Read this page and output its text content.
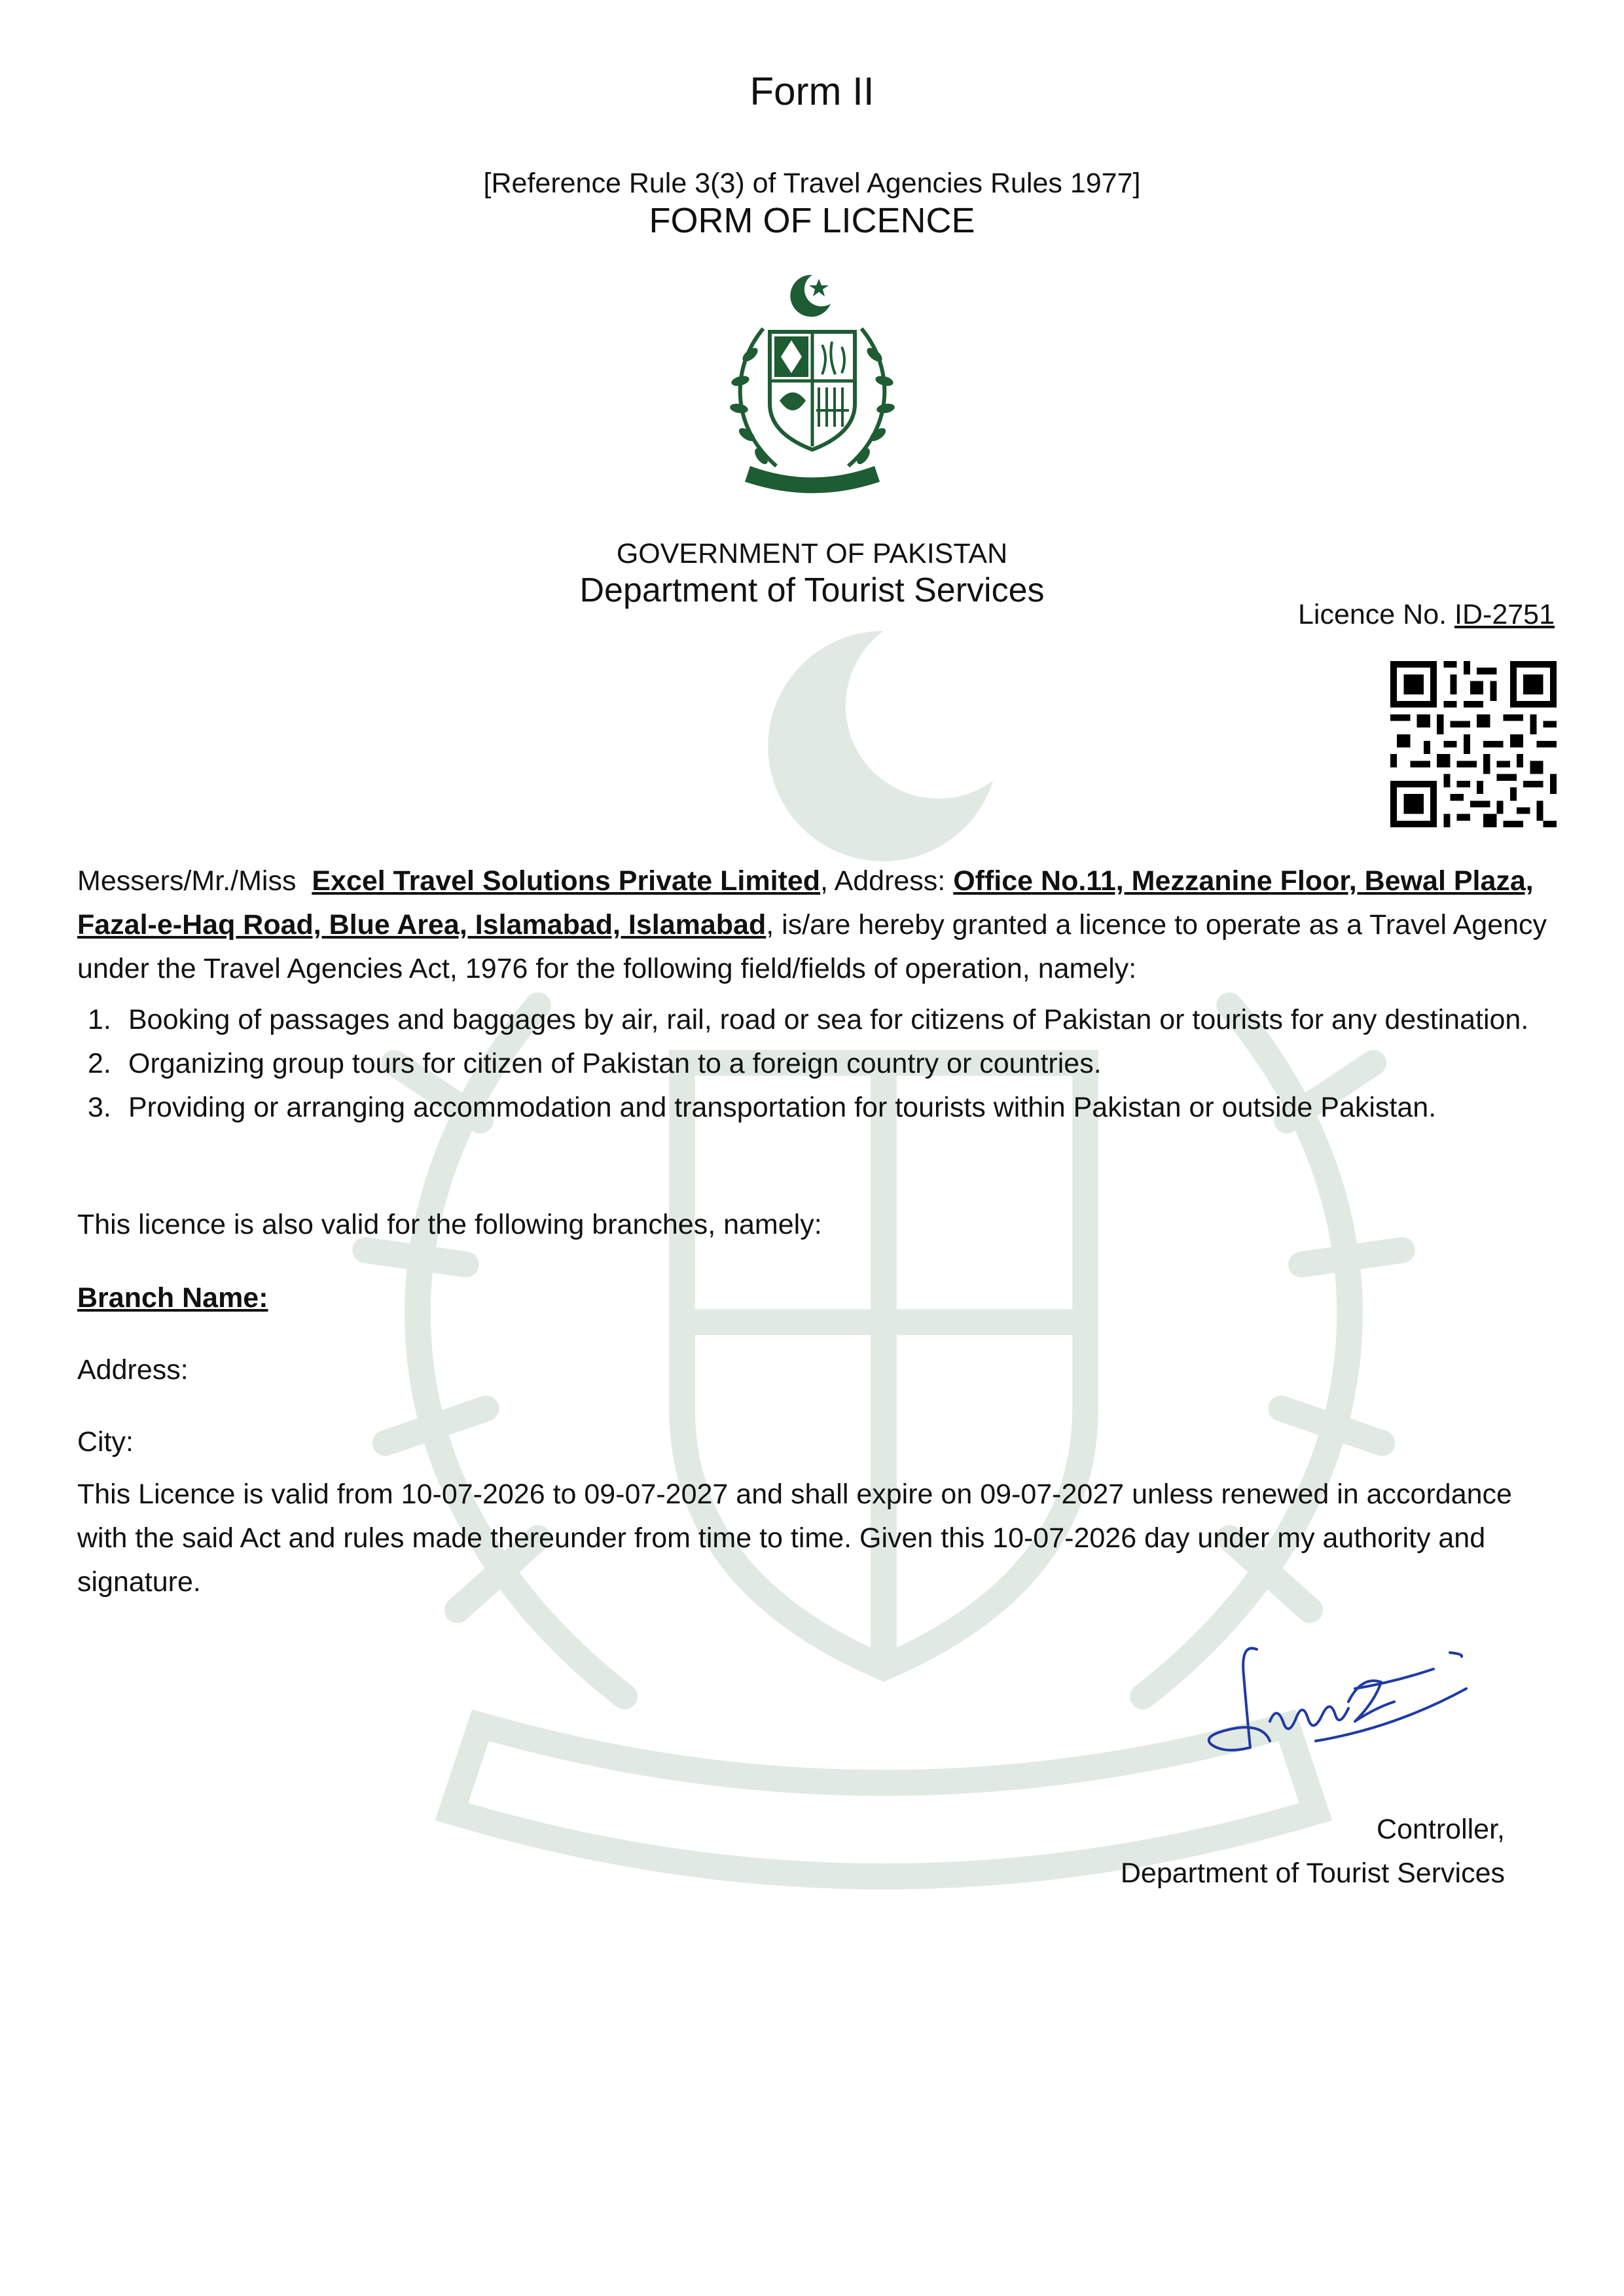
Form II
[Reference Rule 3(3) of Travel Agencies Rules 1977]
FORM OF LICENCE
GOVERNMENT OF PAKISTAN
Department of Tourist Services
Licence No. ID-2751
Messers/Mr./Miss Excel Travel Solutions Private Limited, Address: Office No.11, Mezzanine Floor, Bewal Plaza, Fazal-e-Haq Road, Blue Area, Islamabad, Islamabad, is/are hereby granted a licence to operate as a Travel Agency under the Travel Agencies Act, 1976 for the following field/fields of operation, namely:
1. Booking of passages and baggages by air, rail, road or sea for citizens of Pakistan or tourists for any destination.
2. Organizing group tours for citizen of Pakistan to a foreign country or countries.
3. Providing or arranging accommodation and transportation for tourists within Pakistan or outside Pakistan.
This licence is also valid for the following branches, namely:
Branch Name:
Address:
City:
This Licence is valid from 10-07-2026 to 09-07-2027 and shall expire on 09-07-2027 unless renewed in accordance with the said Act and rules made thereunder from time to time. Given this 10-07-2026 day under my authority and signature.
Controller,
Department of Tourist Services
